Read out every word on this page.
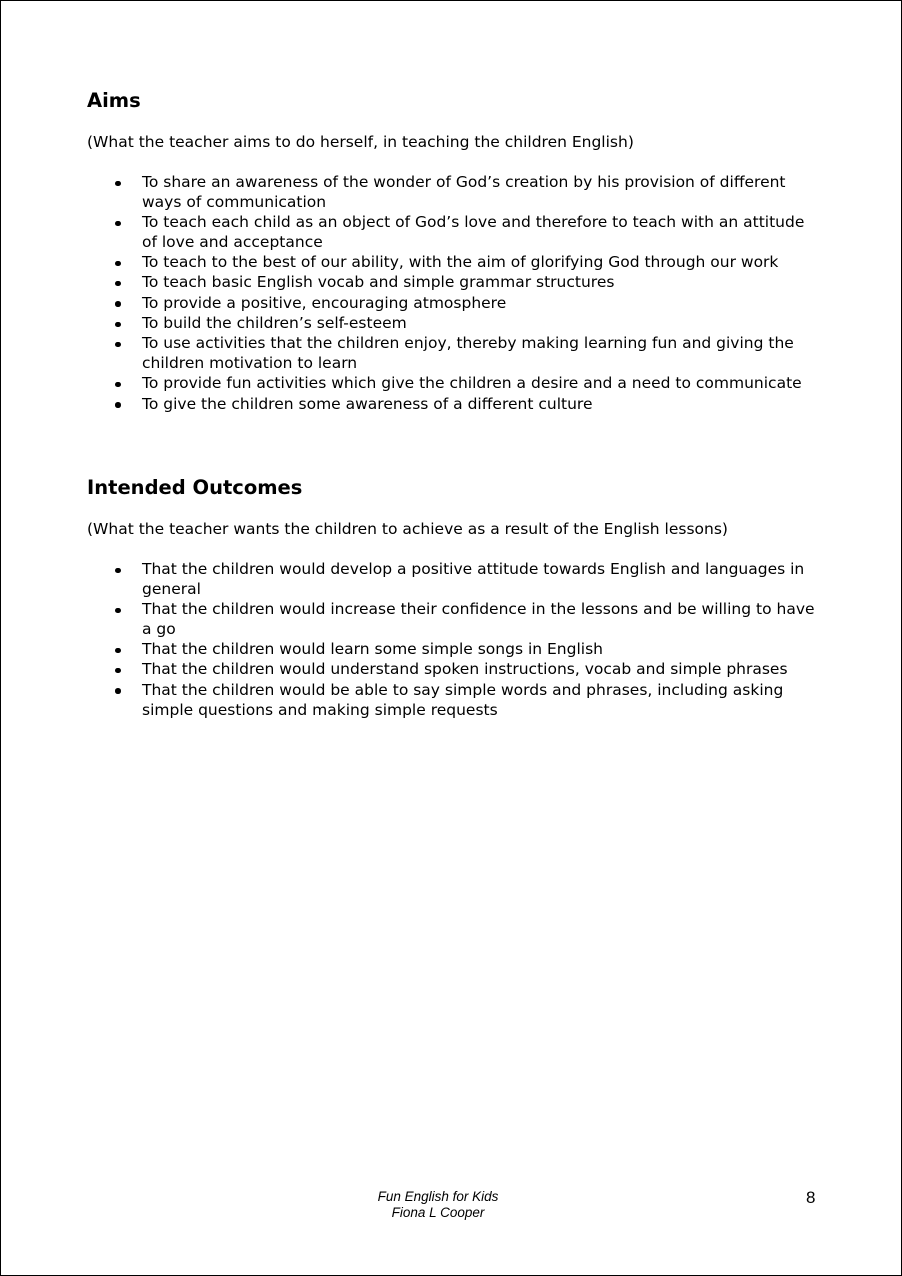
Aims

(What the teacher aims to do herself, in teaching the children English)

To share an awareness of the wonder of God’s creation by his provision of different ways of communication
To teach each child as an object of God’s love and therefore to teach with an attitude of love and acceptance
To teach to the best of our ability, with the aim of glorifying God through our work
To teach basic English vocab and simple grammar structures
To provide a positive, encouraging atmosphere
To build the children’s self-esteem
To use activities that the children enjoy, thereby making learning fun and giving the children motivation to learn
To provide fun activities which give the children a desire and a need to communicate
To give the children some awareness of a different culture
Intended Outcomes

(What the teacher wants the children to achieve as a result of the English lessons)

That the children would develop a positive attitude towards English and languages in general
That the children would increase their confidence in the lessons and be willing to have a go
That the children would learn some simple songs in English
That the children would understand spoken instructions, vocab and simple phrases
That the children would be able to say simple words and phrases, including asking simple questions and making simple requests
Fun English for Kids
Fiona L Cooper
8
